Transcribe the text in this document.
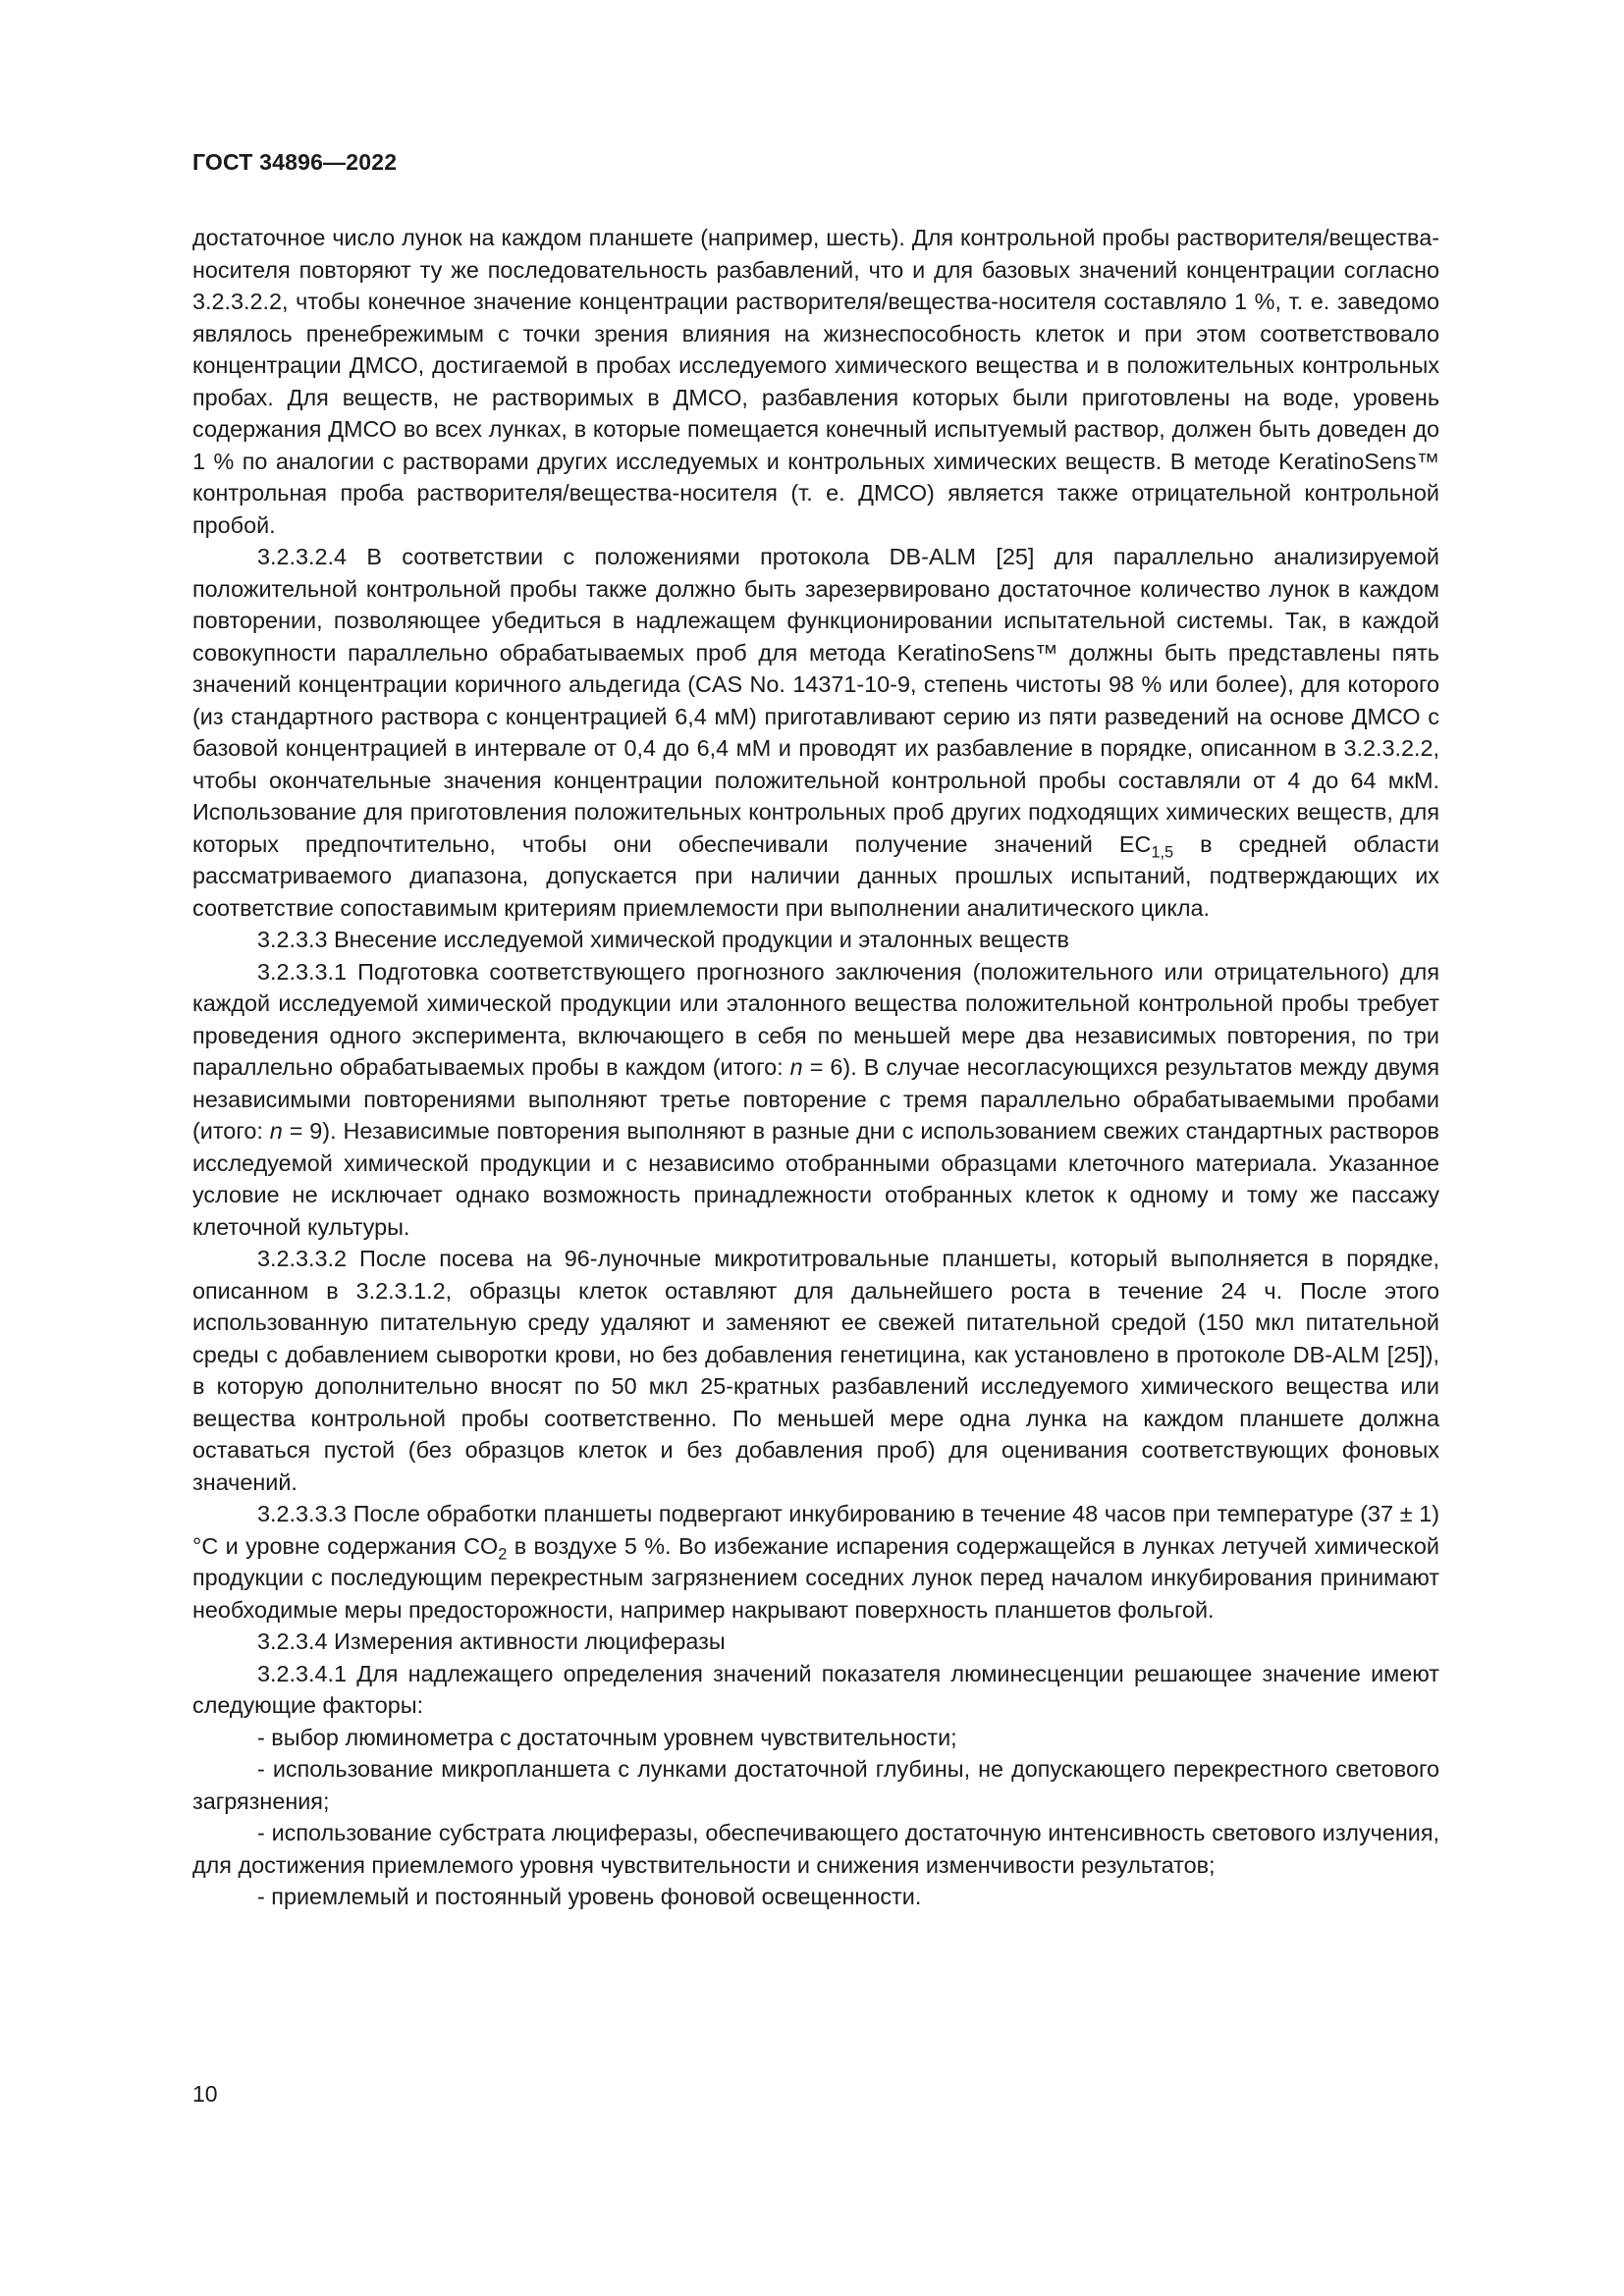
ГОСТ 34896—2022

достаточное число лунок на каждом планшете (например, шесть). Для контрольной пробы растворителя/вещества-носителя повторяют ту же последовательность разбавлений, что и для базовых значений концентрации согласно 3.2.3.2.2, чтобы конечное значение концентрации растворителя/вещества-носителя составляло 1 %, т. е. заведомо являлось пренебрежимым с точки зрения влияния на жизнеспособность клеток и при этом соответствовало концентрации ДМСО, достигаемой в пробах исследуемого химического вещества и в положительных контрольных пробах. Для веществ, не растворимых в ДМСО, разбавления которых были приготовлены на воде, уровень содержания ДМСО во всех лунках, в которые помещается конечный испытуемый раствор, должен быть доведен до 1 % по аналогии с растворами других исследуемых и контрольных химических веществ. В методе KeratinoSens™ контрольная проба растворителя/вещества-носителя (т. е. ДМСО) является также отрицательной контрольной пробой.

3.2.3.2.4 В соответствии с положениями протокола DB-ALM [25] для параллельно анализируемой положительной контрольной пробы также должно быть зарезервировано достаточное количество лунок в каждом повторении, позволяющее убедиться в надлежащем функционировании испытательной системы. Так, в каждой совокупности параллельно обрабатываемых проб для метода KeratinoSens™ должны быть представлены пять значений концентрации коричного альдегида (CAS No. 14371-10-9, степень чистоты 98 % или более), для которого (из стандартного раствора с концентрацией 6,4 мМ) приготавливают серию из пяти разведений на основе ДМСО с базовой концентрацией в интервале от 0,4 до 6,4 мМ и проводят их разбавление в порядке, описанном в 3.2.3.2.2, чтобы окончательные значения концентрации положительной контрольной пробы составляли от 4 до 64 мкМ. Использование для приготовления положительных контрольных проб других подходящих химических веществ, для которых предпочтительно, чтобы они обеспечивали получение значений $EC_{1,5}$ в средней области рассматриваемого диапазона, допускается при наличии данных прошлых испытаний, подтверждающих их соответствие сопоставимым критериям приемлемости при выполнении аналитического цикла.

3.2.3.3 Внесение исследуемой химической продукции и эталонных веществ

3.2.3.3.1 Подготовка соответствующего прогнозного заключения (положительного или отрицательного) для каждой исследуемой химической продукции или эталонного вещества положительной контрольной пробы требует проведения одного эксперимента, включающего в себя по меньшей мере два независимых повторения, по три параллельно обрабатываемых пробы в каждом (итого: n = 6). В случае несогласующихся результатов между двумя независимыми повторениями выполняют третье повторение с тремя параллельно обрабатываемыми пробами (итого: n = 9). Независимые повторения выполняют в разные дни с использованием свежих стандартных растворов исследуемой химической продукции и с независимо отобранными образцами клеточного материала. Указанное условие не исключает однако возможность принадлежности отобранных клеток к одному и тому же пассажу клеточной культуры.

3.2.3.3.2 После посева на 96-луночные микротитровальные планшеты, который выполняется в порядке, описанном в 3.2.3.1.2, образцы клеток оставляют для дальнейшего роста в течение 24 ч. После этого использованную питательную среду удаляют и заменяют ее свежей питательной средой (150 мкл питательной среды с добавлением сыворотки крови, но без добавления генетицина, как установлено в протоколе DB-ALM [25]), в которую дополнительно вносят по 50 мкл 25-кратных разбавлений исследуемого химического вещества или вещества контрольной пробы соответственно. По меньшей мере одна лунка на каждом планшете должна оставаться пустой (без образцов клеток и без добавления проб) для оценивания соответствующих фоновых значений.

3.2.3.3.3 После обработки планшеты подвергают инкубированию в течение 48 часов при температуре (37 ± 1) °C и уровне содержания $CO_2$ в воздухе 5 %. Во избежание испарения содержащейся в лунках летучей химической продукции с последующим перекрестным загрязнением соседних лунок перед началом инкубирования принимают необходимые меры предосторожности, например накрывают поверхность планшетов фольгой.

3.2.3.4 Измерения активности люциферазы

3.2.3.4.1 Для надлежащего определения значений показателя люминесценции решающее значение имеют следующие факторы:

- выбор люминометра с достаточным уровнем чувствительности;

- использование микропланшета с лунками достаточной глубины, не допускающего перекрестного светового загрязнения;

- использование субстрата люциферазы, обеспечивающего достаточную интенсивность светового излучения, для достижения приемлемого уровня чувствительности и снижения изменчивости результатов;

- приемлемый и постоянный уровень фоновой освещенности.

10
